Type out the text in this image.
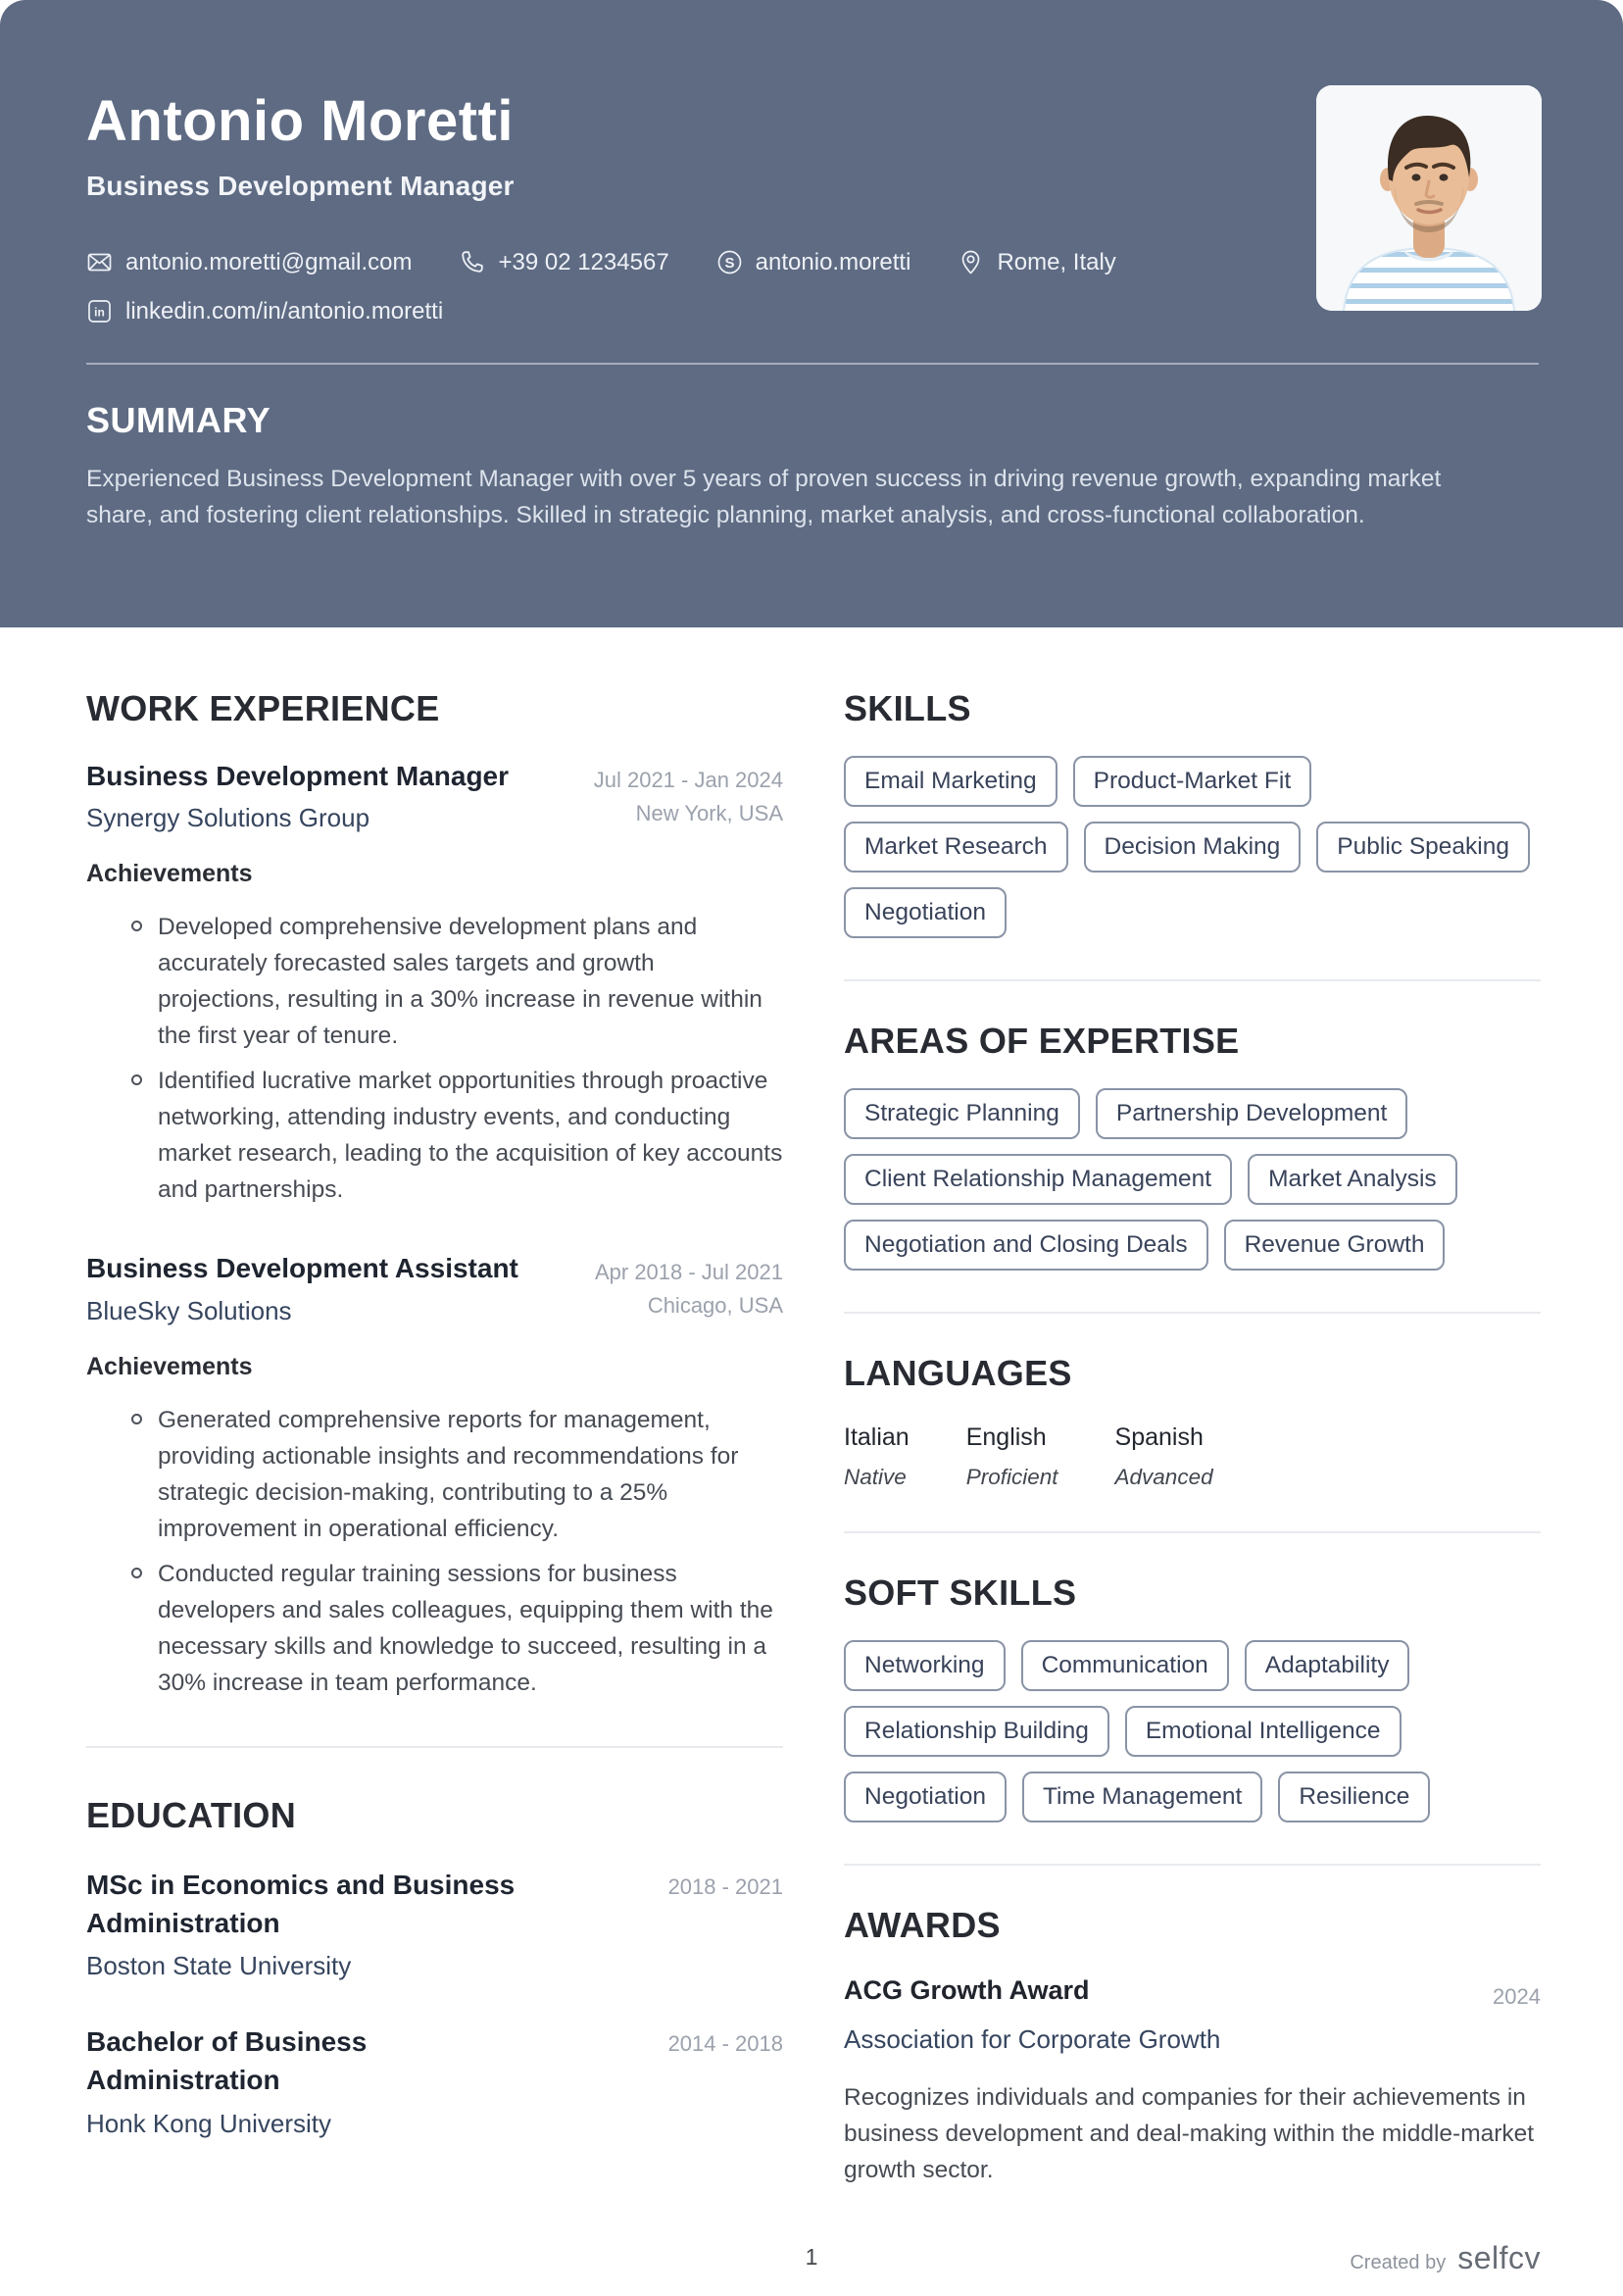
Antonio Moretti
Business Development Manager
antonio.moretti@gmail.com	+39 02 1234567	S antonio.moretti	Rome, Italy
in linkedin.com/in/antonio.moretti
SUMMARY
Experienced Business Development Manager with over 5 years of proven success in driving revenue growth, expanding market share, and fostering client relationships. Skilled in strategic planning, market analysis, and cross-functional collaboration.
WORK EXPERIENCE
Business Development Manager
Synergy Solutions Group
Jul 2021 - Jan 2024
New York, USA
Achievements
Developed comprehensive development plans and accurately forecasted sales targets and growth projections, resulting in a 30% increase in revenue within the first year of tenure.
Identified lucrative market opportunities through proactive networking, attending industry events, and conducting market research, leading to the acquisition of key accounts and partnerships.
Business Development Assistant
BlueSky Solutions
Apr 2018 - Jul 2021
Chicago, USA
Achievements
Generated comprehensive reports for management, providing actionable insights and recommendations for strategic decision-making, contributing to a 25% improvement in operational efficiency.
Conducted regular training sessions for business developers and sales colleagues, equipping them with the necessary skills and knowledge to succeed, resulting in a 30% increase in team performance.
EDUCATION
MSc in Economics and Business Administration
Boston State University
2018 - 2021
Bachelor of Business Administration
Honk Kong University
2014 - 2018
SKILLS
Email Marketing	Product-Market Fit
Market Research	Decision Making	Public Speaking
Negotiation
AREAS OF EXPERTISE
Strategic Planning	Partnership Development
Client Relationship Management	Market Analysis
Negotiation and Closing Deals	Revenue Growth
LANGUAGES
Italian
Native
English
Proficient
Spanish
Advanced
SOFT SKILLS
Networking	Communication	Adaptability
Relationship Building	Emotional Intelligence
Negotiation	Time Management	Resilience
AWARDS
ACG Growth Award	2024
Association for Corporate Growth
Recognizes individuals and companies for their achievements in business development and deal-making within the middle-market growth sector.
1	Created by selfcv
